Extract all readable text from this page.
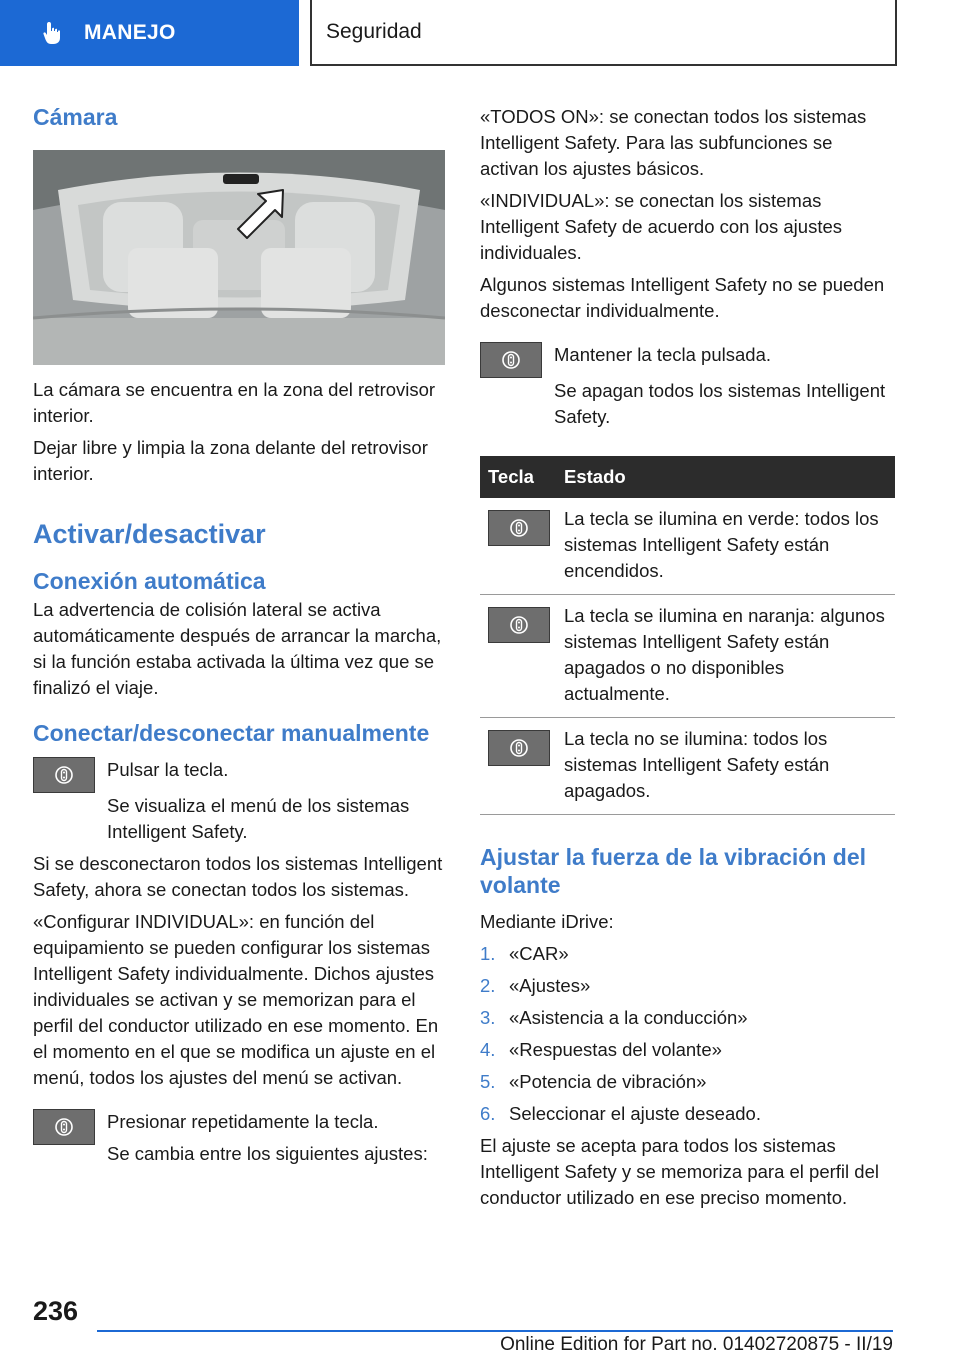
MANEJO	Seguridad
Cámara

La cámara se encuentra en la zona del retrovisor interior.

Dejar libre y limpia la zona delante del retrovisor interior.

Activar/desactivar
Conexión automática

La advertencia de colisión lateral se activa automáticamente después de arrancar la marcha, si la función estaba activada la última vez que se finalizó el viaje.

Conectar/desconectar manualmente

Pulsar la tecla.

Se visualiza el menú de los sistemas Intelligent Safety.

Si se desconectaron todos los sistemas Intelligent Safety, ahora se conectan todos los sistemas.

«Configurar INDIVIDUAL»: en función del equipamiento se pueden configurar los sistemas Intelligent Safety individualmente. Dichos ajustes individuales se activan y se memorizan para el perfil del conductor utilizado en ese momento. En el momento en el que se modifica un ajuste en el menú, todos los ajustes del menú se activan.

Presionar repetidamente la tecla.

Se cambia entre los siguientes ajustes:

«TODOS ON»: se conectan todos los sistemas Intelligent Safety. Para las subfunciones se activan los ajustes básicos.

«INDIVIDUAL»: se conectan los sistemas Intelligent Safety de acuerdo con los ajustes individuales.

Algunos sistemas Intelligent Safety no se pueden desconectar individualmente.

Mantener la tecla pulsada.

Se apagan todos los sistemas Intelligent Safety.

Tecla	Estado

	La tecla se ilumina en verde: todos los sistemas Intelligent Safety están encendidos.

	La tecla se ilumina en naranja: algunos sistemas Intelligent Safety están apagados o no disponibles actualmente.

	La tecla no se ilumina: todos los sistemas Intelligent Safety están apagados.
Ajustar la fuerza de la vibración del volante

Mediante iDrive:

1. «CAR»
2. «Ajustes»
3. «Asistencia a la conducción»
4. «Respuestas del volante»
5. «Potencia de vibración»
6. Seleccionar el ajuste deseado.

El ajuste se acepta para todos los sistemas Intelligent Safety y se memoriza para el perfil del conductor utilizado en ese preciso momento.

236
Online Edition for Part no. 01402720875 - II/19
